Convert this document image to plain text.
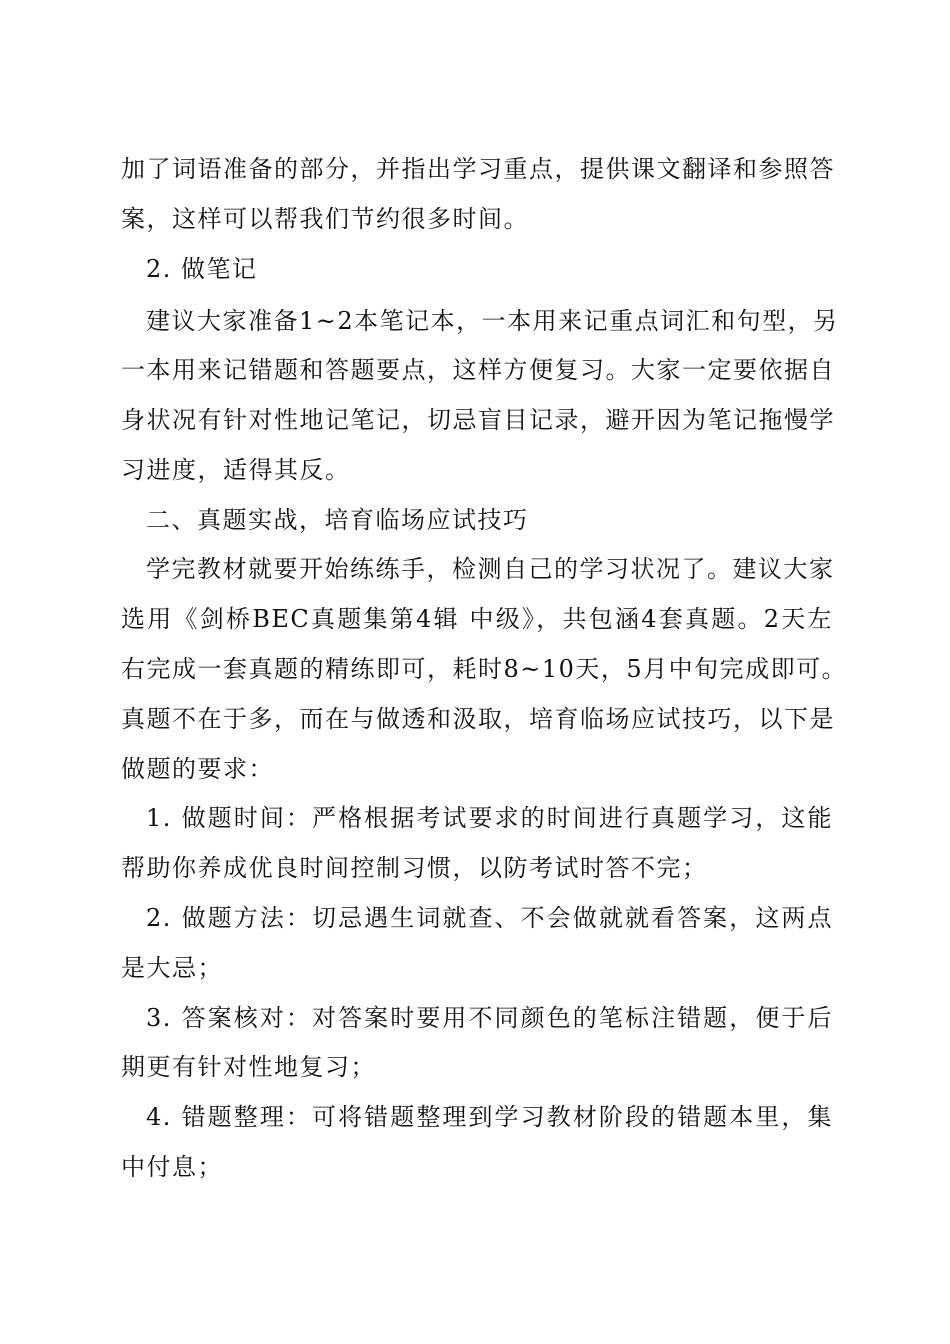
加了词语准备的部分，并指出学习重点，提供课文翻译和参照答
案，这样可以帮我们节约很多时间。
2. 做笔记
建议大家准备1~2本笔记本，一本用来记重点词汇和句型，另
一本用来记错题和答题要点，这样方便复习。大家一定要依据自
身状况有针对性地记笔记，切忌盲目记录，避开因为笔记拖慢学
习进度，适得其反。
二、真题实战，培育临场应试技巧
学完教材就要开始练练手，检测自己的学习状况了。建议大家
选用《剑桥BEC真题集第4辑 中级》，共包涵4套真题。2天左
右完成一套真题的精练即可，耗时8~10天，5月中旬完成即可。
真题不在于多，而在与做透和汲取，培育临场应试技巧，以下是
做题的要求：
1. 做题时间：严格根据考试要求的时间进行真题学习，这能
帮助你养成优良时间控制习惯，以防考试时答不完；
2. 做题方法：切忌遇生词就查、不会做就就看答案，这两点
是大忌；
3. 答案核对：对答案时要用不同颜色的笔标注错题，便于后
期更有针对性地复习；
4. 错题整理：可将错题整理到学习教材阶段的错题本里，集
中付息；
